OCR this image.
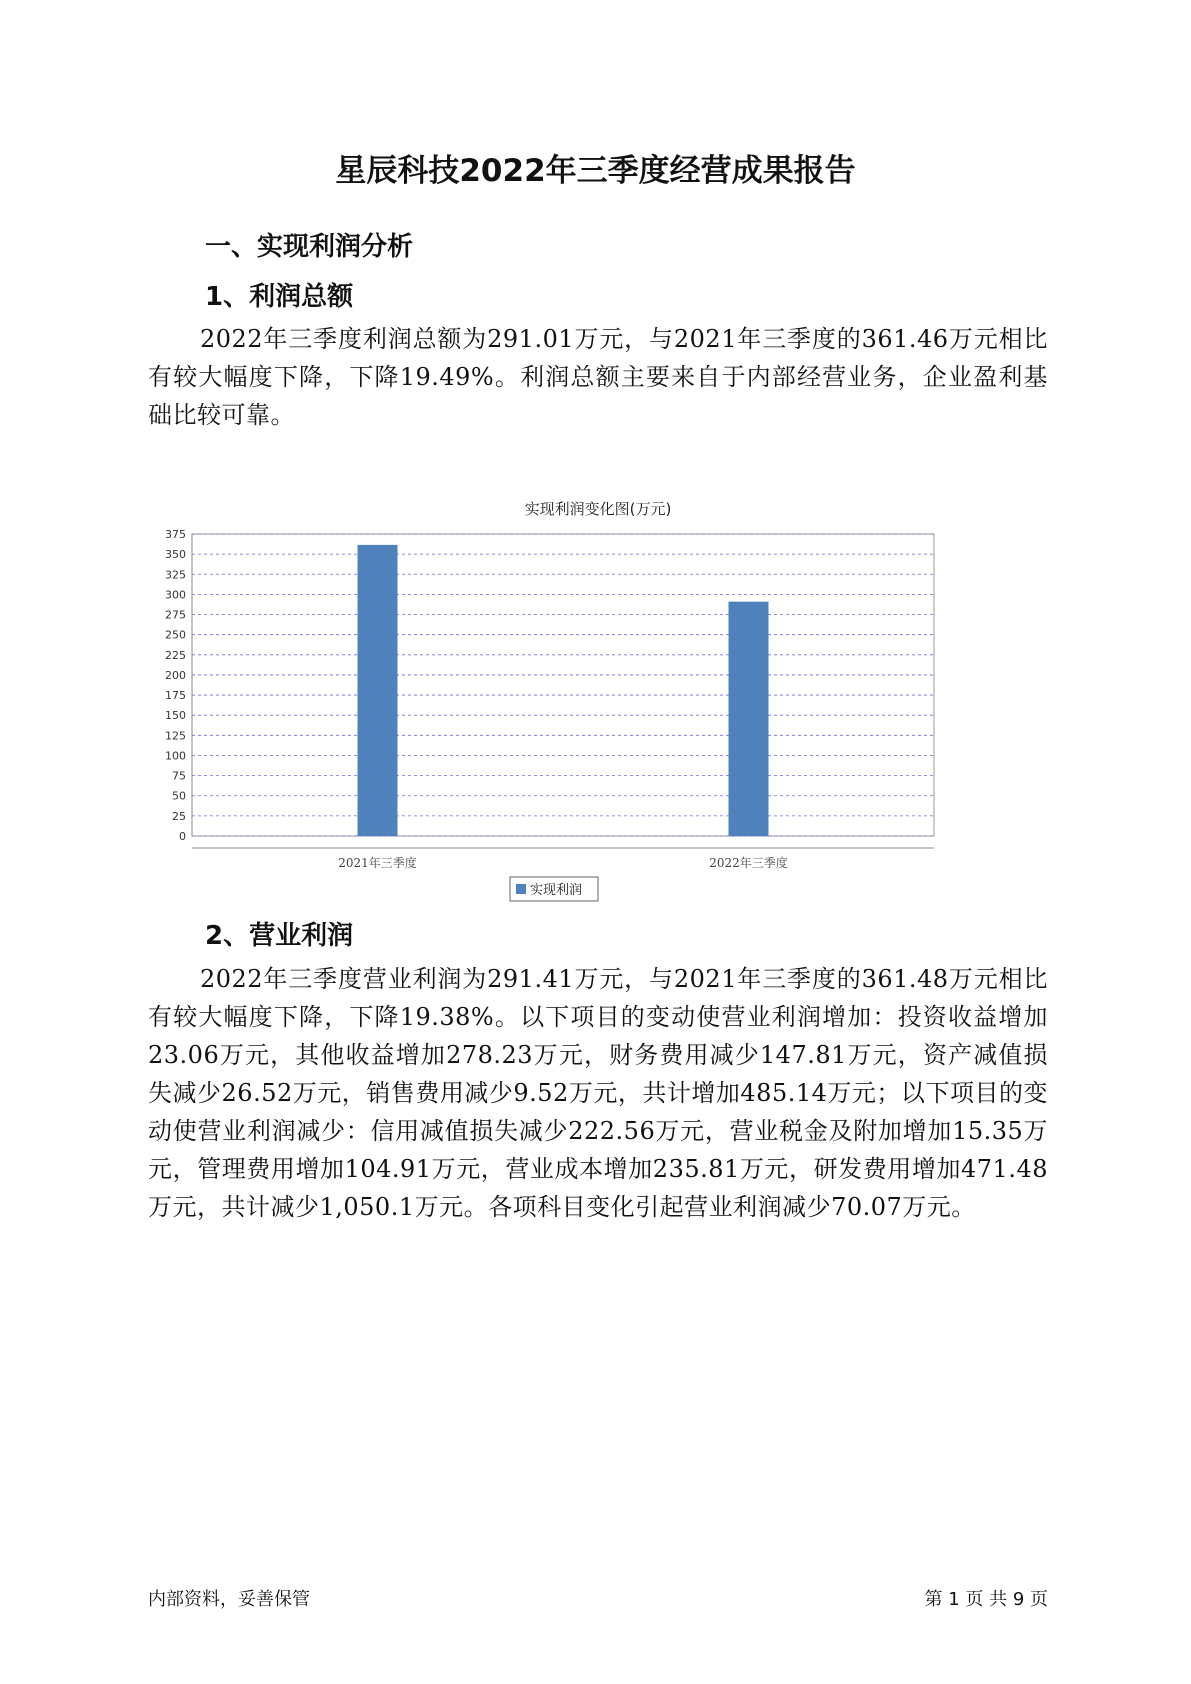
星辰科技2022年三季度经营成果报告
一、实现利润分析
1、利润总额
2022年三季度利润总额为291.01万元，与2021年三季度的361.46万元相比有较大幅度下降，下降19.49%。利润总额主要来自于内部经营业务，企业盈利基础比较可靠。
实现利润变化图(万元)
0
25
50
75
100
125
150
175
200
225
250
275
300
325
350
375
2021年三季度	2022年三季度
实现利润
2、营业利润
2022年三季度营业利润为291.41万元，与2021年三季度的361.48万元相比有较大幅度下降，下降19.38%。以下项目的变动使营业利润增加：投资收益增加23.06万元，其他收益增加278.23万元，财务费用减少147.81万元，资产减值损失减少26.52万元，销售费用减少9.52万元，共计增加485.14万元；以下项目的变动使营业利润减少：信用减值损失减少222.56万元，营业税金及附加增加15.35万元，管理费用增加104.91万元，营业成本增加235.81万元，研发费用增加471.48万元，共计减少1,050.1万元。各项科目变化引起营业利润减少70.07万元。
内部资料，妥善保管	第 1 页 共 9 页
